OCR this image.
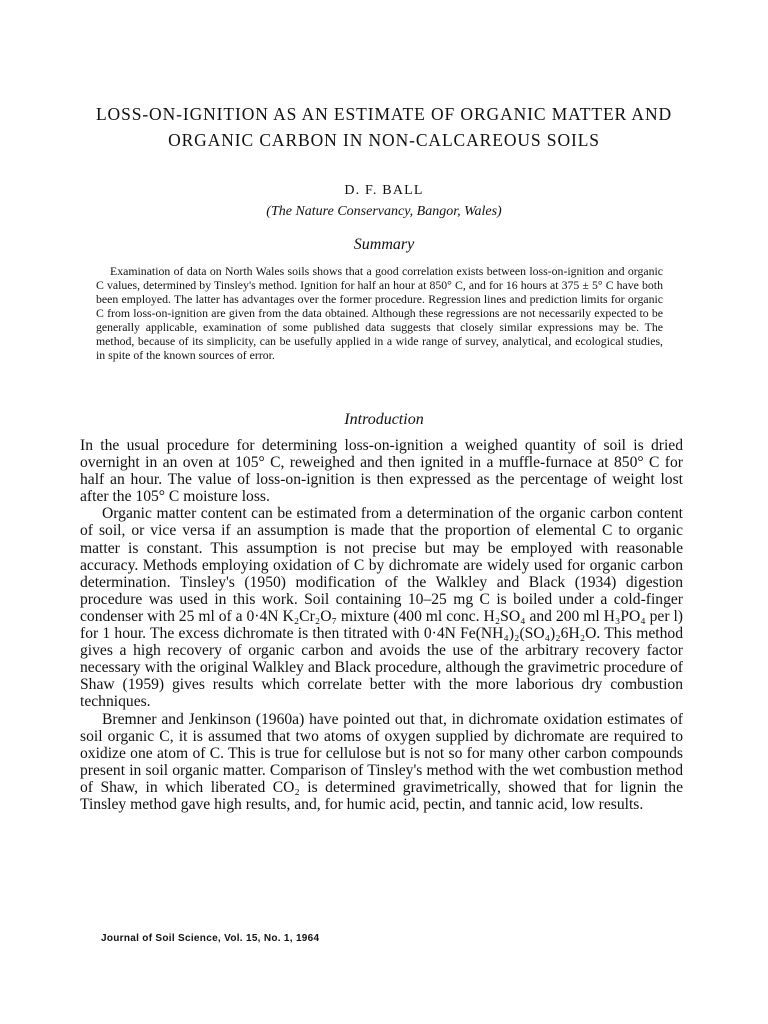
LOSS-ON-IGNITION AS AN ESTIMATE OF ORGANIC MATTER AND ORGANIC CARBON IN NON-CALCAREOUS SOILS
D. F. BALL
(The Nature Conservancy, Bangor, Wales)
Summary

Examination of data on North Wales soils shows that a good correlation exists between loss-on-ignition and organic C values, determined by Tinsley's method. Ignition for half an hour at 850° C, and for 16 hours at 375 ± 5° C have both been employed. The latter has advantages over the former procedure. Regression lines and prediction limits for organic C from loss-on-ignition are given from the data obtained. Although these regressions are not necessarily expected to be generally applicable, examination of some published data suggests that closely similar expressions may be. The method, because of its simplicity, can be usefully applied in a wide range of survey, analytical, and ecological studies, in spite of the known sources of error.

Introduction

In the usual procedure for determining loss-on-ignition a weighed quantity of soil is dried overnight in an oven at 105° C, reweighed and then ignited in a muffle-furnace at 850° C for half an hour. The value of loss-on-ignition is then expressed as the percentage of weight lost after the 105° C moisture loss.

Organic matter content can be estimated from a determination of the organic carbon content of soil, or vice versa if an assumption is made that the proportion of elemental C to organic matter is constant. This assumption is not precise but may be employed with reasonable accuracy. Methods employing oxidation of C by dichromate are widely used for organic carbon determination. Tinsley's (1950) modification of the Walkley and Black (1934) digestion procedure was used in this work. Soil containing 10–25 mg C is boiled under a cold-finger condenser with 25 ml of a 0·4N K₂Cr₂O₇ mixture (400 ml conc. H₂SO₄ and 200 ml H₃PO₄ per l) for 1 hour. The excess dichromate is then titrated with 0·4N Fe(NH₄)₂(SO₄)₂6H₂O. This method gives a high recovery of organic carbon and avoids the use of the arbitrary recovery factor necessary with the original Walkley and Black procedure, although the gravimetric procedure of Shaw (1959) gives results which correlate better with the more laborious dry combustion techniques.

Bremner and Jenkinson (1960a) have pointed out that, in dichromate oxidation estimates of soil organic C, it is assumed that two atoms of oxygen supplied by dichromate are required to oxidize one atom of C. This is true for cellulose but is not so for many other carbon compounds present in soil organic matter. Comparison of Tinsley's method with the wet combustion method of Shaw, in which liberated CO₂ is determined gravimetrically, showed that for lignin the Tinsley method gave high results, and, for humic acid, pectin, and tannic acid, low results.

Journal of Soil Science, Vol. 15, No. 1, 1964
